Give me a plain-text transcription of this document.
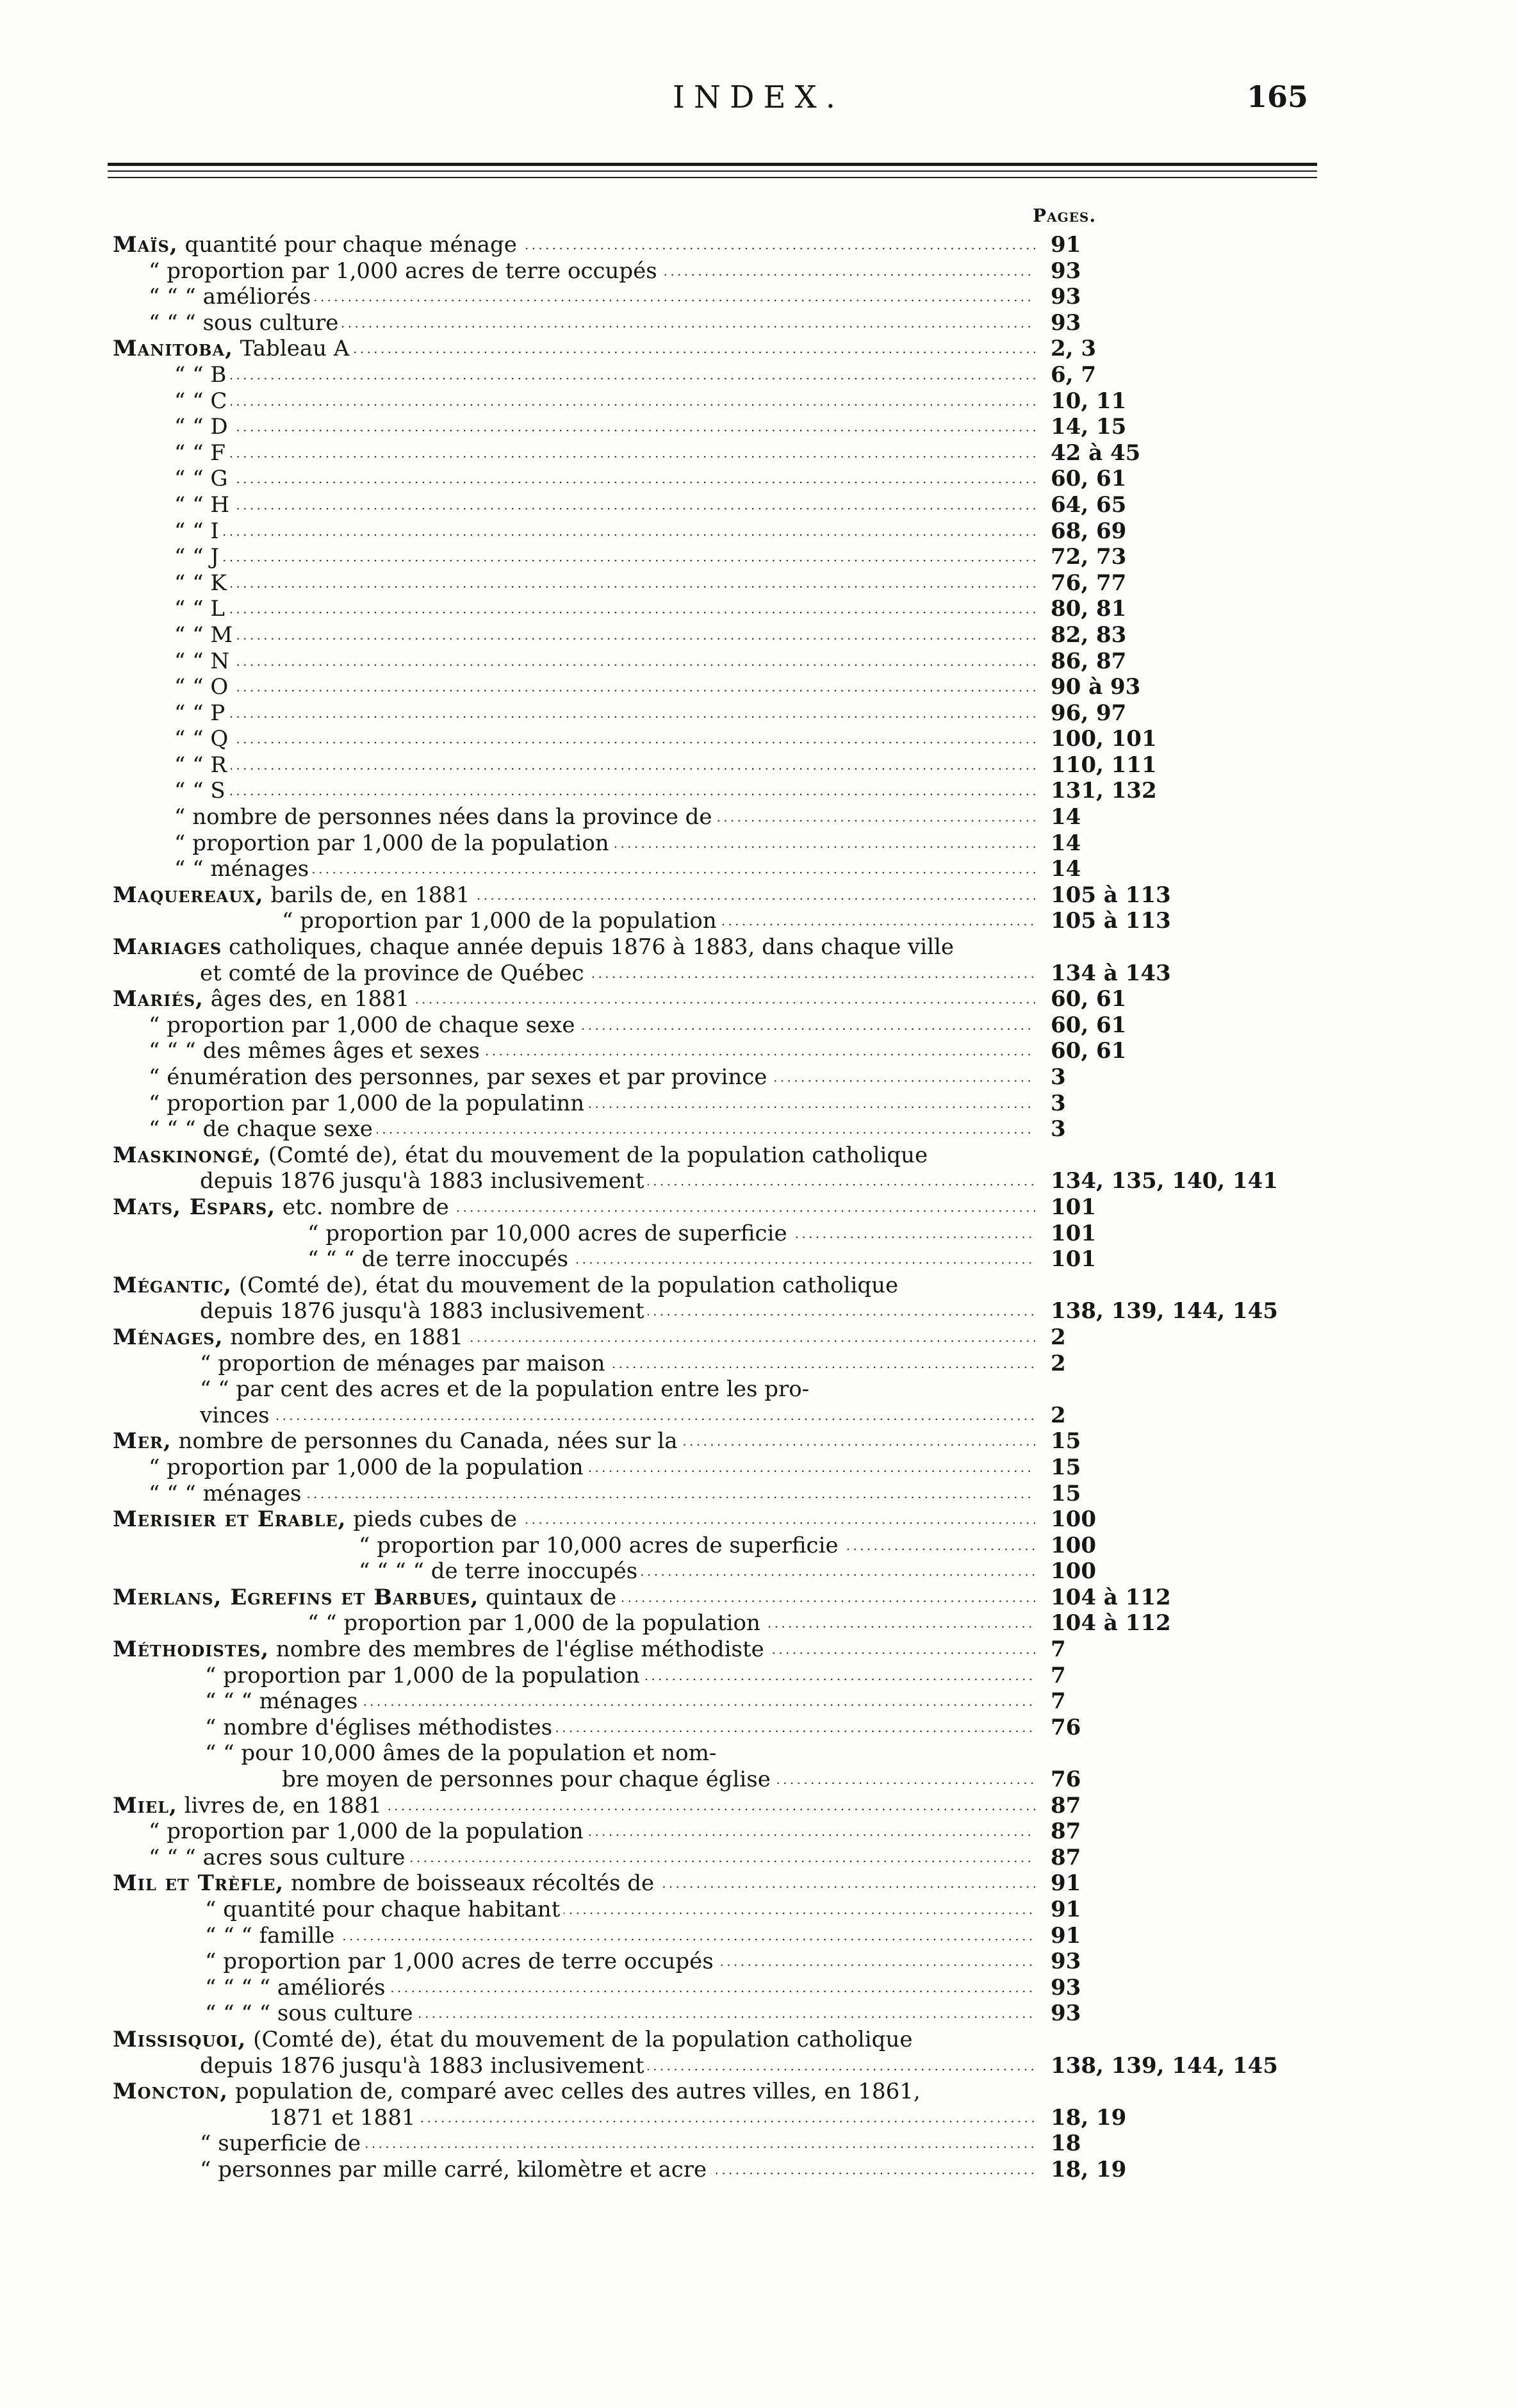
INDEX.	165
Pages.
Maïs, quantité pour chaque ménage . . .	91
“ proportion par 1,000 acres de terre occupés . . .	93
“ “ “ améliorés . . .	93
“ “ “ sous culture . . .	93
Manitoba, Tableau A . . .	2, 3
“ “ B . . .	6, 7
“ “ C . . .	10, 11
“ “ D . . .	14, 15
“ “ F . . .	42 à 45
“ “ G . . .	60, 61
“ “ H . . .	64, 65
“ “ I . . .	68, 69
“ “ J . . .	72, 73
“ “ K . . .	76, 77
“ “ L . . .	80, 81
“ “ M . . .	82, 83
“ “ N . . .	86, 87
“ “ O . . .	90 à 93
“ “ P . . .	96, 97
“ “ Q . . .	100, 101
“ “ R . . .	110, 111
“ “ S . . .	131, 132
“ nombre de personnes nées dans la province de . . .	14
“ proportion par 1,000 de la population . . .	14
“ “ ménages . . .	14
Maquereaux, barils de, en 1881 . . .	105 à 113
“ proportion par 1,000 de la population . . .	105 à 113
Mariages catholiques, chaque année depuis 1876 à 1883, dans chaque ville
et comté de la province de Québec . . .	134 à 143
Mariés, âges des, en 1881 . . .	60, 61
“ proportion par 1,000 de chaque sexe . . .	60, 61
“ “ “ des mêmes âges et sexes . . .	60, 61
“ énumération des personnes, par sexes et par province . . .	3
“ proportion par 1,000 de la populatinn . . .	3
“ “ “ de chaque sexe . . .	3
Maskinongé, (Comté de), état du mouvement de la population catholique
depuis 1876 jusqu'à 1883 inclusivement . . .	134, 135, 140, 141
Mats, Espars, etc. nombre de . . .	101
“ proportion par 10,000 acres de superficie . . .	101
“ “ “ de terre inoccupés . . .	101
Mégantic, (Comté de), état du mouvement de la population catholique
depuis 1876 jusqu'à 1883 inclusivement . . .	138, 139, 144, 145
Ménages, nombre des, en 1881 . . .	2
“ proportion de ménages par maison . . .	2
“ “ par cent des acres et de la population entre les pro-
vinces . . .	2
Mer, nombre de personnes du Canada, nées sur la . . .	15
“ proportion par 1,000 de la population . . .	15
“ “ “ ménages . . .	15
Merisier et Erable, pieds cubes de . . .	100
“ proportion par 10,000 acres de superficie . . .	100
“ “ “ “ de terre inoccupés . . .	100
Merlans, Egrefins et Barbues, quintaux de . . .	104 à 112
“ “ proportion par 1,000 de la population . . .	104 à 112
Méthodistes, nombre des membres de l'église méthodiste . . .	7
“ proportion par 1,000 de la population . . .	7
“ “ “ ménages . . .	7
“ nombre d'églises méthodistes . . .	76
“ “ pour 10,000 âmes de la population et nom-
bre moyen de personnes pour chaque église . . .	76
Miel, livres de, en 1881 . . .	87
“ proportion par 1,000 de la population . . .	87
“ “ “ acres sous culture . . .	87
Mil et Trèfle, nombre de boisseaux récoltés de . . .	91
“ quantité pour chaque habitant . . .	91
“ “ “ famille . . .	91
“ proportion par 1,000 acres de terre occupés . . .	93
“ “ “ “ améliorés . . .	93
“ “ “ “ sous culture . . .	93
Missisquoi, (Comté de), état du mouvement de la population catholique
depuis 1876 jusqu'à 1883 inclusivement . . .	138, 139, 144, 145
Moncton, population de, comparé avec celles des autres villes, en 1861,
1871 et 1881 . . .	18, 19
“ superficie de . . .	18
“ personnes par mille carré, kilomètre et acre . . .	18, 19
